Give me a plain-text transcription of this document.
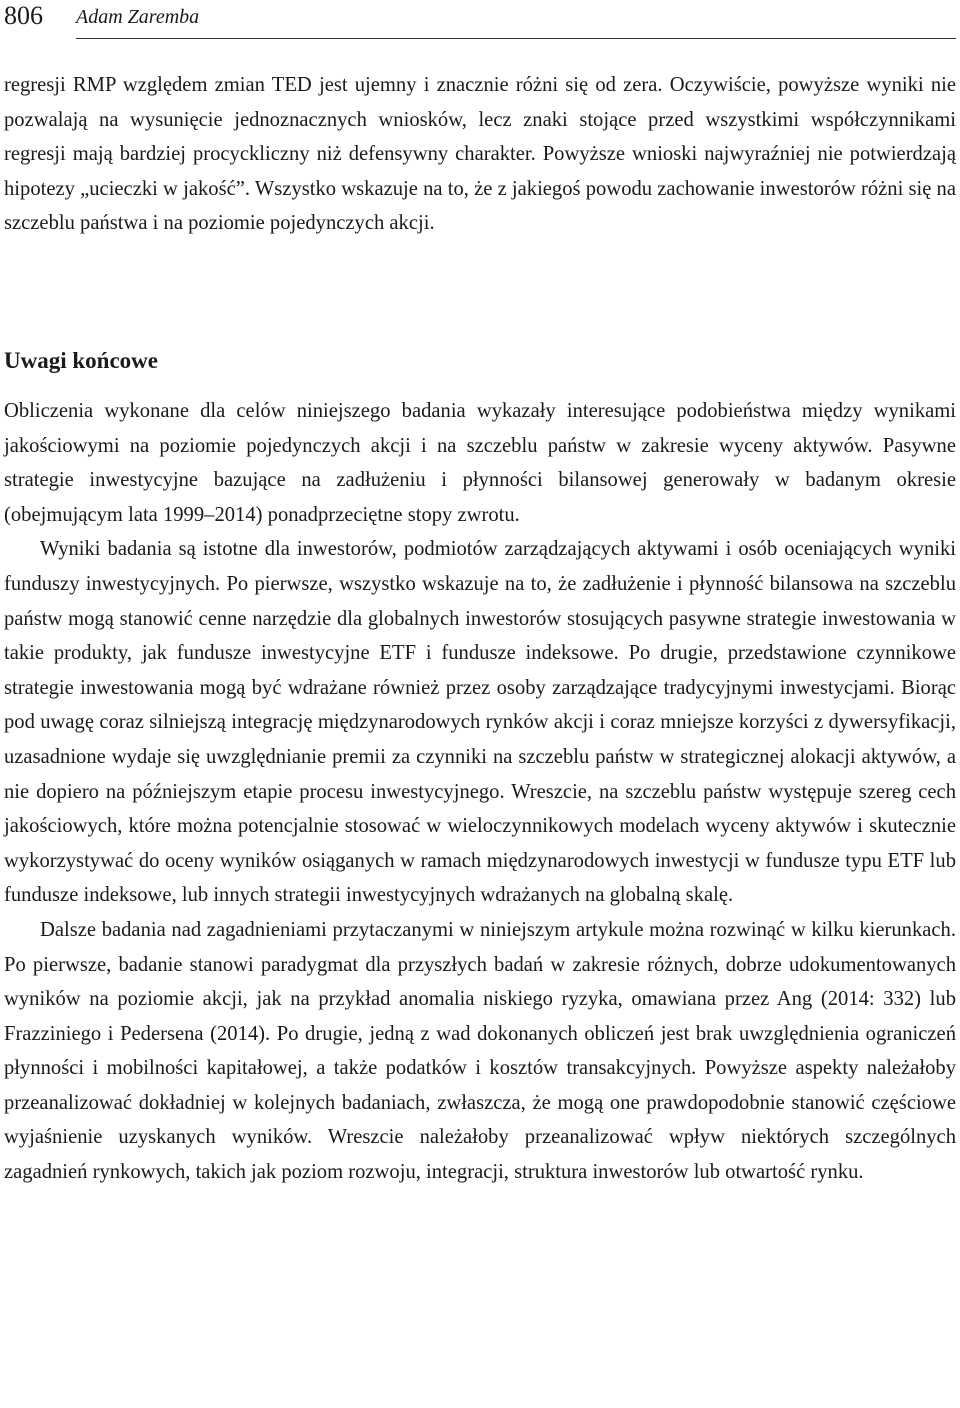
806 Adam Zaremba

regresji RMP względem zmian TED jest ujemny i znacznie różni się od zera. Oczywiście, powyższe wyniki nie pozwalają na wysunięcie jednoznacznych wniosków, lecz znaki stojące przed wszystkimi współczynnikami regresji mają bardziej procyckliczny niż defensywny charakter. Powyższe wnioski najwyraźniej nie potwierdzają hipotezy „ucieczki w jakość”. Wszystko wskazuje na to, że z jakiegoś powodu zachowanie inwestorów różni się na szczeblu państwa i na poziomie pojedynczych akcji.

Uwagi końcowe

Obliczenia wykonane dla celów niniejszego badania wykazały interesujące podobieństwa między wynikami jakościowymi na poziomie pojedynczych akcji i na szczeblu państw w zakresie wyceny aktywów. Pasywne strategie inwestycyjne bazujące na zadłużeniu i płynności bilansowej generowały w badanym okresie (obejmującym lata 1999–2014) ponadprzeciętne stopy zwrotu.

Wyniki badania są istotne dla inwestorów, podmiotów zarządzających aktywami i osób oceniających wyniki funduszy inwestycyjnych. Po pierwsze, wszystko wskazuje na to, że zadłużenie i płynność bilansowa na szczeblu państw mogą stanowić cenne narzędzie dla globalnych inwestorów stosujących pasywne strategie inwestowania w takie produkty, jak fundusze inwestycyjne ETF i fundusze indeksowe. Po drugie, przedstawione czynnikowe strategie inwestowania mogą być wdrażane również przez osoby zarządzające tradycyjnymi inwestycjami. Biorąc pod uwagę coraz silniejszą integrację międzynarodowych rynków akcji i coraz mniejsze korzyści z dywersyfikacji, uzasadnione wydaje się uwzględnianie premii za czynniki na szczeblu państw w strategicznej alokacji aktywów, a nie dopiero na późniejszym etapie procesu inwestycyjnego. Wreszcie, na szczeblu państw występuje szereg cech jakościowych, które można potencjalnie stosować w wieloczynnikowych modelach wyceny aktywów i skutecznie wykorzystywać do oceny wyników osiąganych w ramach międzynarodowych inwestycji w fundusze typu ETF lub fundusze indeksowe, lub innych strategii inwestycyjnych wdrażanych na globalną skalę.

Dalsze badania nad zagadnieniami przytaczanymi w niniejszym artykule można rozwinąć w kilku kierunkach. Po pierwsze, badanie stanowi paradygmat dla przyszłych badań w zakresie różnych, dobrze udokumentowanych wyników na poziomie akcji, jak na przykład anomalia niskiego ryzyka, omawiana przez Ang (2014: 332) lub Frazziniego i Pedersena (2014). Po drugie, jedną z wad dokonanych obliczeń jest brak uwzględnienia ograniczeń płynności i mobilności kapitałowej, a także podatków i kosztów transakcyjnych. Powyższe aspekty należałoby przeanalizować dokładniej w kolejnych badaniach, zwłaszcza, że mogą one prawdopodobnie stanowić częściowe wyjaśnienie uzyskanych wyników. Wreszcie należałoby przeanalizować wpływ niektórych szczególnych zagadnień rynkowych, takich jak poziom rozwoju, integracji, struktura inwestorów lub otwartość rynku.
